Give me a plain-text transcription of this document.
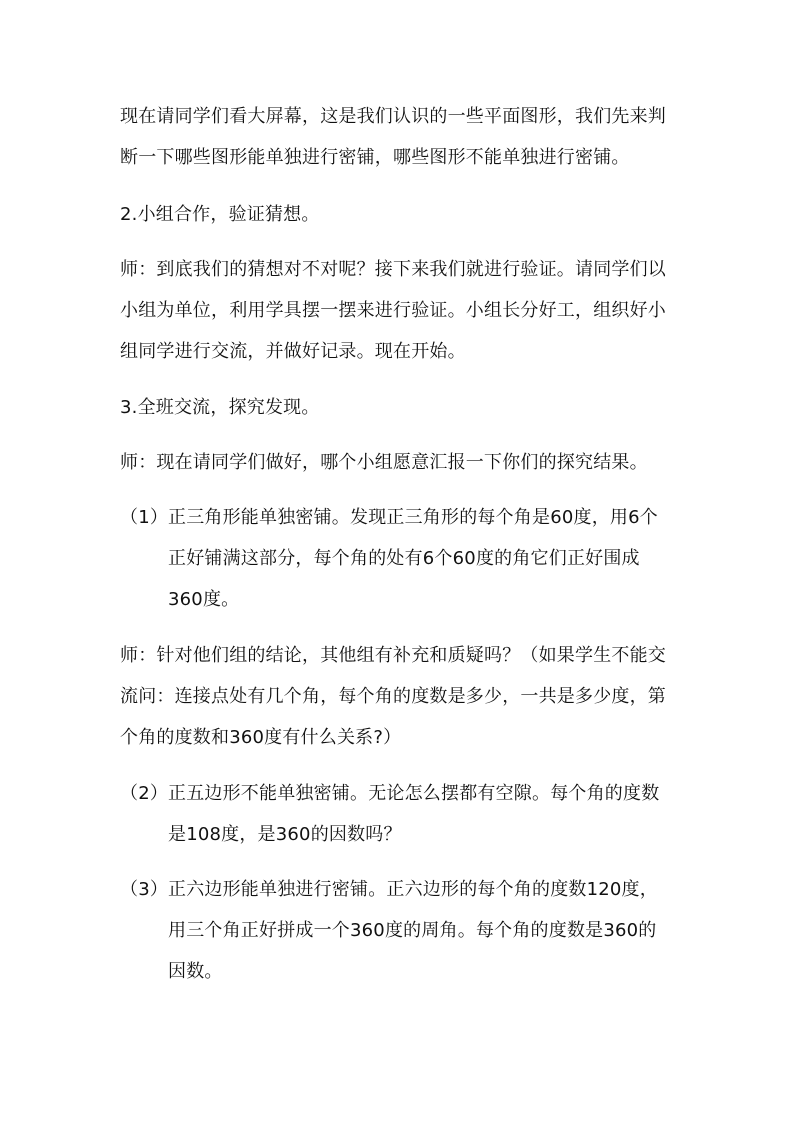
现在请同学们看大屏幕，这是我们认识的一些平面图形，我们先来判
断一下哪些图形能单独进行密铺，哪些图形不能单独进行密铺。
2.小组合作，验证猜想。
师：到底我们的猜想对不对呢？接下来我们就进行验证。请同学们以
小组为单位，利用学具摆一摆来进行验证。小组长分好工，组织好小
组同学进行交流，并做好记录。现在开始。
3.全班交流，探究发现。
师：现在请同学们做好，哪个小组愿意汇报一下你们的探究结果。
（1） 正三角形能单独密铺。发现正三角形的每个角是60度，用6个
正好铺满这部分，每个角的处有6个60度的角它们正好围成
360度。
师：针对他们组的结论，其他组有补充和质疑吗？（如果学生不能交
流问：连接点处有几个角，每个角的度数是多少，一共是多少度，第
个角的度数和360度有什么关系?）
（2） 正五边形不能单独密铺。无论怎么摆都有空隙。每个角的度数
是108度，是360的因数吗？
（3） 正六边形能单独进行密铺。正六边形的每个角的度数120度，
用三个角正好拼成一个360度的周角。每个角的度数是360的
因数。
